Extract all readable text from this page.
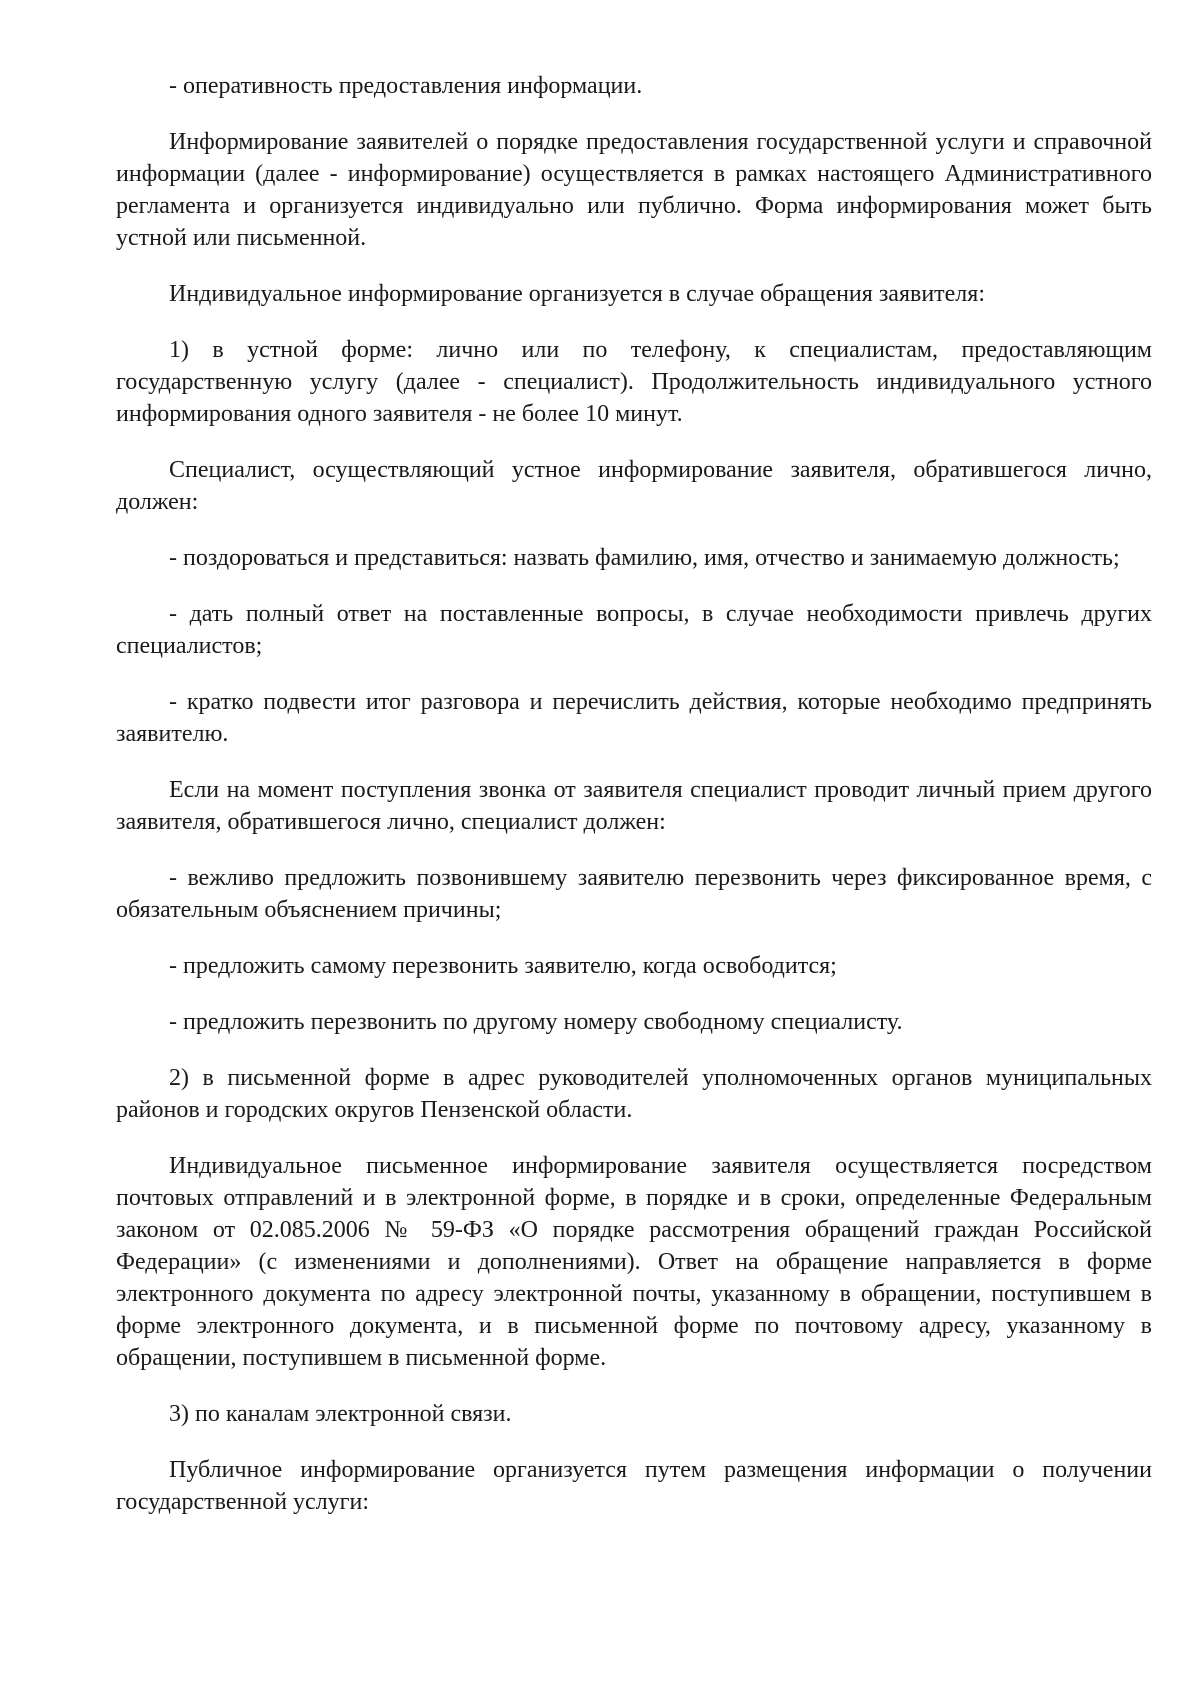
- оперативность предоставления информации.

Информирование заявителей о порядке предоставления государственной услуги и справочной информации (далее - информирование) осуществляется в рамках настоящего Административного регламента и организуется индивидуально или публично. Форма информирования может быть устной или письменной.

Индивидуальное информирование организуется в случае обращения заявителя:

1) в устной форме: лично или по телефону, к специалистам, предоставляющим государственную услугу (далее - специалист). Продолжительность индивидуального устного информирования одного заявителя - не более 10 минут.

Специалист, осуществляющий устное информирование заявителя, обратившегося лично, должен:

- поздороваться и представиться: назвать фамилию, имя, отчество и занимаемую должность;

- дать полный ответ на поставленные вопросы, в случае необходимости привлечь других специалистов;

- кратко подвести итог разговора и перечислить действия, которые необходимо предпринять заявителю.

Если на момент поступления звонка от заявителя специалист проводит личный прием другого заявителя, обратившегося лично, специалист должен:

- вежливо предложить позвонившему заявителю перезвонить через фиксированное время, с обязательным объяснением причины;

- предложить самому перезвонить заявителю, когда освободится;

- предложить перезвонить по другому номеру свободному специалисту.

2) в письменной форме в адрес руководителей уполномоченных органов муниципальных районов и городских округов Пензенской области.

Индивидуальное письменное информирование заявителя осуществляется посредством почтовых отправлений и в электронной форме, в порядке и в сроки, определенные Федеральным законом от 02.085.2006 № 59-ФЗ «О порядке рассмотрения обращений граждан Российской Федерации» (с изменениями и дополнениями). Ответ на обращение направляется в форме электронного документа по адресу электронной почты, указанному в обращении, поступившем в форме электронного документа, и в письменной форме по почтовому адресу, указанному в обращении, поступившем в письменной форме.

3) по каналам электронной связи.

Публичное информирование организуется путем размещения информации о получении государственной услуги:
